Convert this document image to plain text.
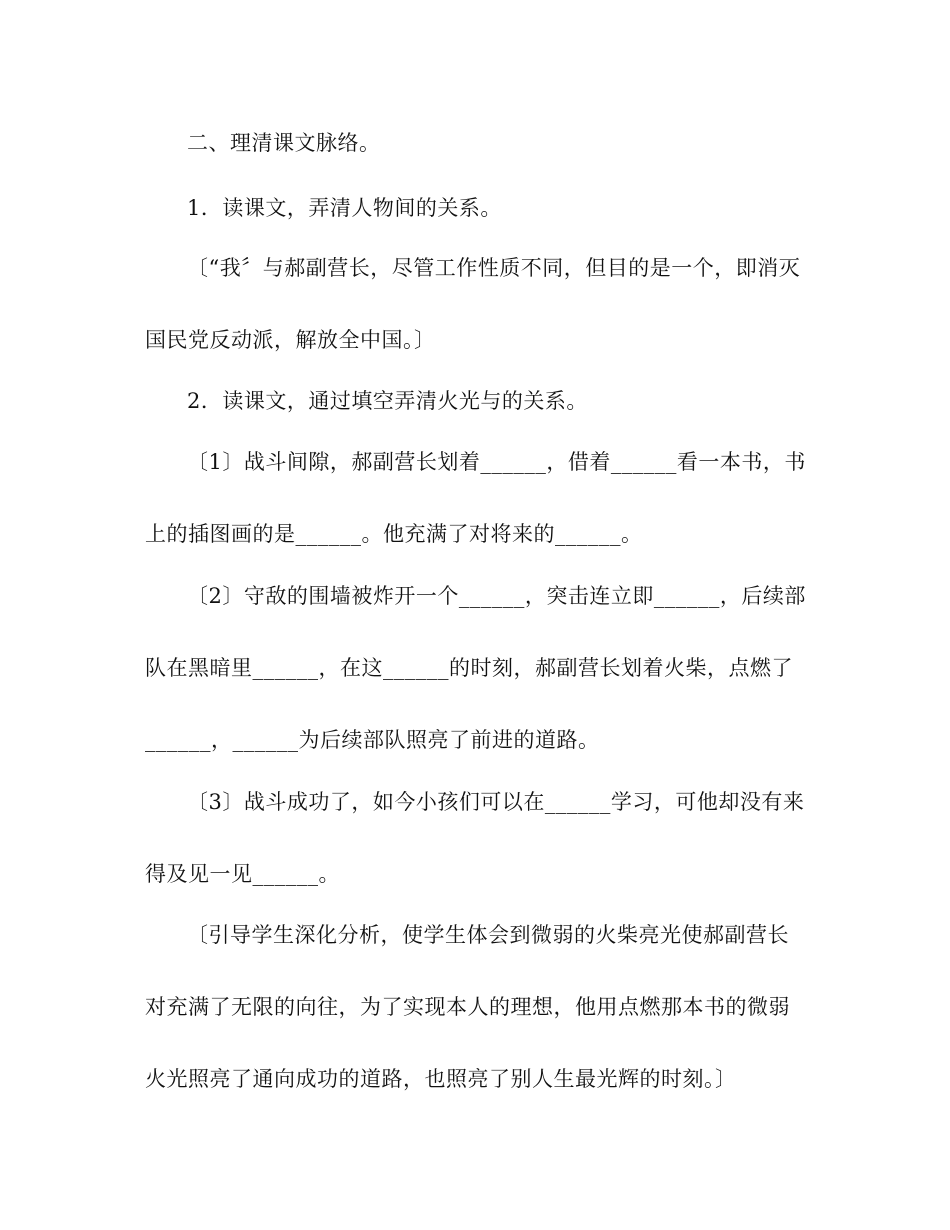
二、理清课文脉络。
1．读课文，弄清人物间的关系。
〔“我〞与郝副营长，尽管工作性质不同，但目的是一个，即消灭
国民党反动派，解放全中国。〕
2．读课文，通过填空弄清火光与的关系。
〔1〕战斗间隙，郝副营长划着______，借着______看一本书，书
上的插图画的是______。他充满了对将来的______。
〔2〕守敌的围墙被炸开一个______，突击连立即______，后续部
队在黑暗里______，在这______的时刻，郝副营长划着火柴，点燃了
______，______为后续部队照亮了前进的道路。
〔3〕战斗成功了，如今小孩们可以在______学习，可他却没有来
得及见一见______。
〔引导学生深化分析，使学生体会到微弱的火柴亮光使郝副营长
对充满了无限的向往，为了实现本人的理想，他用点燃那本书的微弱
火光照亮了通向成功的道路，也照亮了别人生最光辉的时刻。〕
